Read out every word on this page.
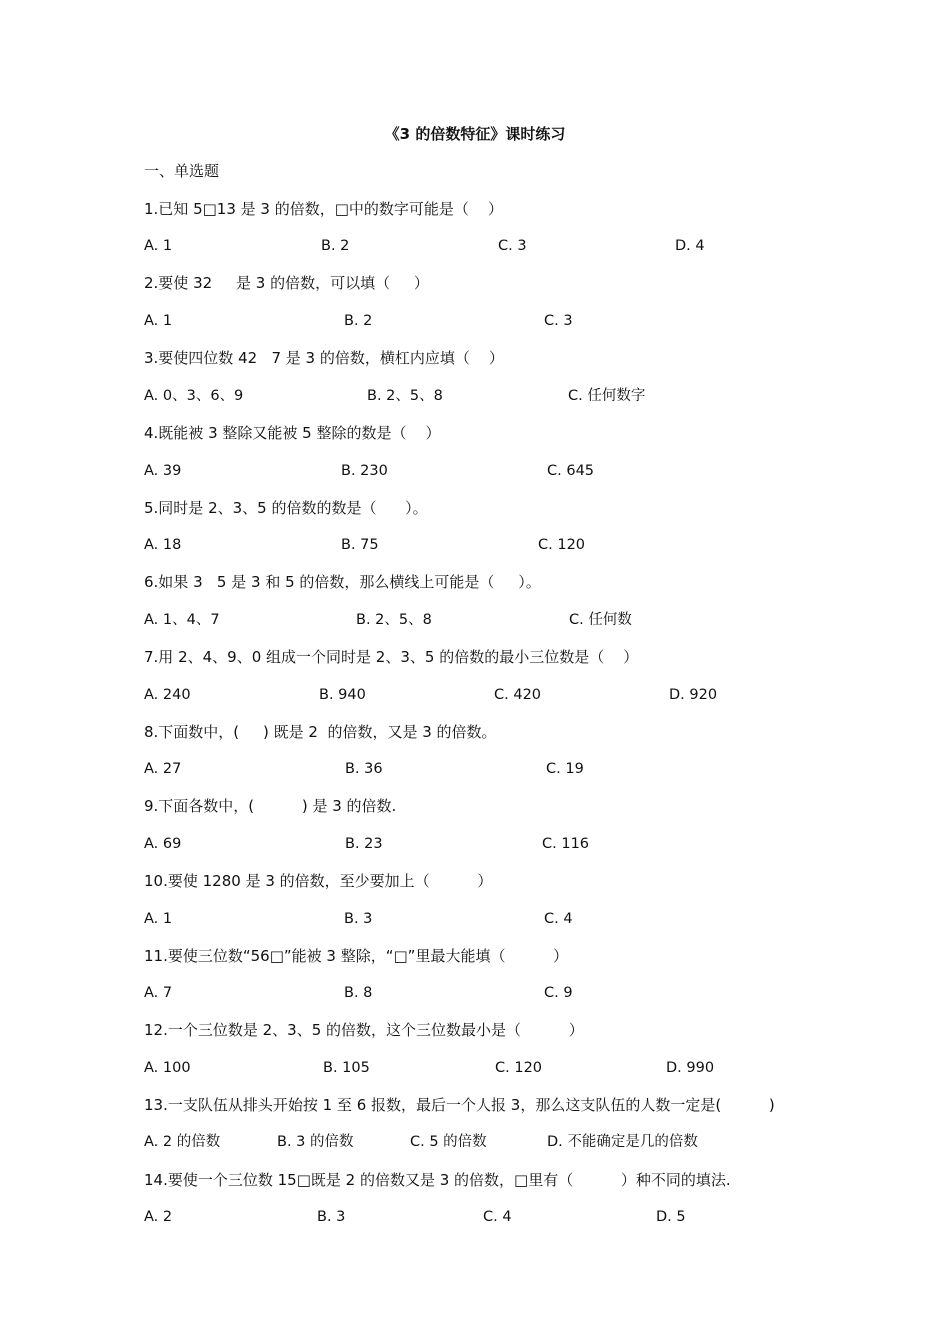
《3 的倍数特征》课时练习
一、单选题
1.已知 5□13 是 3 的倍数，□中的数字可能是（    ）
A. 1	B. 2	C. 3	D. 4
2.要使 32     是 3 的倍数，可以填（     ）
A. 1	B. 2	C. 3
3.要使四位数 42   7 是 3 的倍数，横杠内应填（    ）
A. 0、3、6、9	B. 2、5、8	C. 任何数字
4.既能被 3 整除又能被 5 整除的数是（    ）
A. 39	B. 230	C. 645
5.同时是 2、3、5 的倍数的数是（      ）。
A. 18	B. 75	C. 120
6.如果 3   5 是 3 和 5 的倍数，那么横线上可能是（     ）。
A. 1、4、7	B. 2、5、8	C. 任何数
7.用 2、4、9、0 组成一个同时是 2、3、5 的倍数的最小三位数是（    ）
A. 240	B. 940	C. 420	D. 920
8.下面数中，(     ) 既是 2  的倍数，又是 3 的倍数。
A. 27	B. 36	C. 19
9.下面各数中，(          ) 是 3 的倍数.
A. 69	B. 23	C. 116
10.要使 1280 是 3 的倍数，至少要加上（          ）
A. 1	B. 3	C. 4
11.要使三位数“56□”能被 3 整除，“□”里最大能填（          ）
A. 7	B. 8	C. 9
12.一个三位数是 2、3、5 的倍数，这个三位数最小是（          ）
A. 100	B. 105	C. 120	D. 990
13.一支队伍从排头开始按 1 至 6 报数，最后一个人报 3，那么这支队伍的人数一定是(          )
A. 2 的倍数	B. 3 的倍数	C. 5 的倍数	D. 不能确定是几的倍数
14.要使一个三位数 15□既是 2 的倍数又是 3 的倍数，□里有（          ）种不同的填法.
A. 2	B. 3	C. 4	D. 5
